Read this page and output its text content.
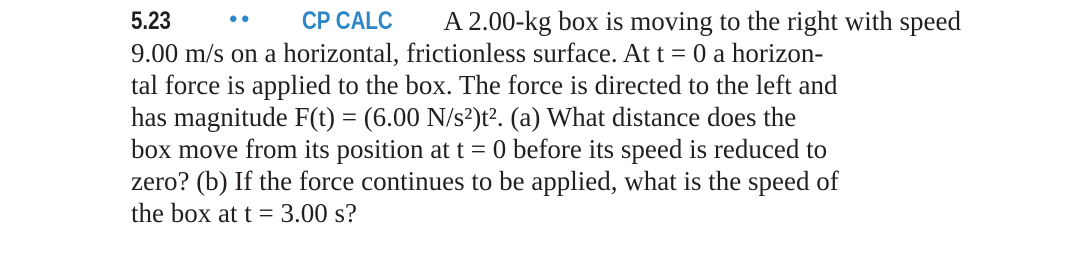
5.23	•• CP CALC A 2.00-kg box is moving to the right with speed
9.00 m/s on a horizontal, frictionless surface. At t = 0 a horizon-
tal force is applied to the box. The force is directed to the left and
has magnitude F(t) = (6.00 N/s²)t². (a) What distance does the
box move from its position at t = 0 before its speed is reduced to
zero? (b) If the force continues to be applied, what is the speed of
the box at t = 3.00 s?
